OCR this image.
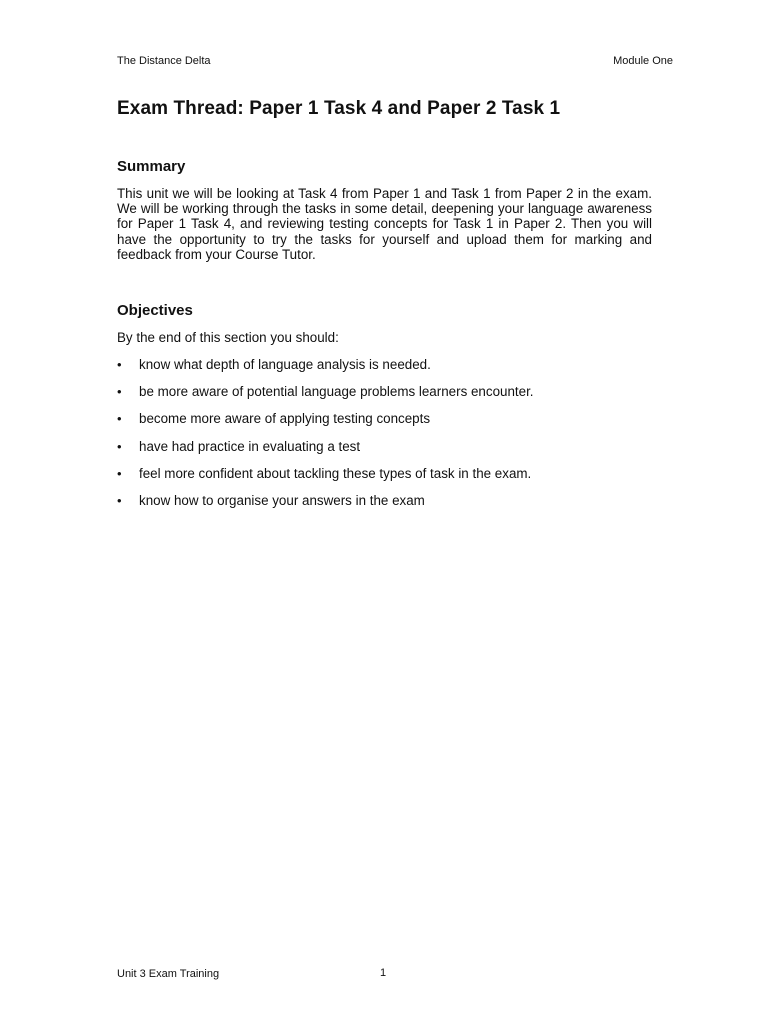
The Distance Delta	Module One
Exam Thread: Paper 1 Task 4 and Paper 2 Task 1
Summary

This unit we will be looking at Task 4 from Paper 1 and Task 1 from Paper 2 in the exam. We will be working through the tasks in some detail, deepening your language awareness for Paper 1 Task 4, and reviewing testing concepts for Task 1 in Paper 2. Then you will have the opportunity to try the tasks for yourself and upload them for marking and feedback from your Course Tutor.

Objectives

By the end of this section you should:

•	know what depth of language analysis is needed.
•	be more aware of potential language problems learners encounter.
•	become more aware of applying testing concepts
•	have had practice in evaluating a test
•	feel more confident about tackling these types of task in the exam.
•	know how to organise your answers in the exam
Unit 3 Exam Training	1
